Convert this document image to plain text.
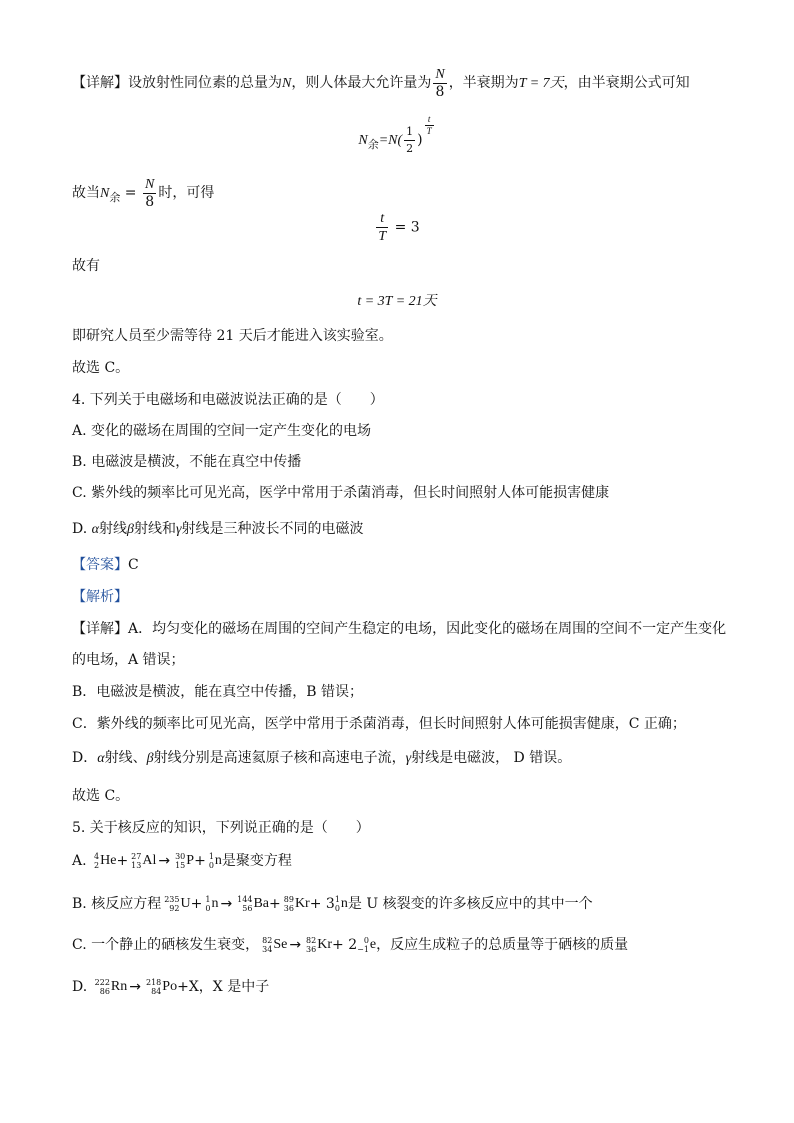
【详解】设放射性同位素的总量为N，则人体最大允许量为 $\frac{N}{8}$ ，半衰期为T = 7天，由半衰期公式可知
$N_余=N( \frac{1}{2}$ )
$^{\frac{t}{T}}$
故当$N_余 = \frac{N}{8}$ 时，可得
$\frac{t}{T} = 3$
故有
t = 3T = 21天
即研究人员至少需等待 21 天后才能进入该实验室。
故选 C。
4. 下列关于电磁场和电磁波说法正确的是（　　）
A. 变化的磁场在周围的空间一定产生变化的电场
B. 电磁波是横波，不能在真空中传播
C. 紫外线的频率比可见光高，医学中常用于杀菌消毒，但长时间照射人体可能损害健康
D. α射线β射线和γ射线是三种波长不同的电磁波
【答案】C
【解析】
【详解】A．均匀变化的磁场在周围的空间产生稳定的电场，因此变化的磁场在周围的空间不一定产生变化
的电场，A 错误；
B．电磁波是横波，能在真空中传播，B 错误；
C．紫外线的频率比可见光高，医学中常用于杀菌消毒，但长时间照射人体可能损害健康，C 正确；
D．α射线、β射线分别是高速氦原子核和高速电子流，γ射线是电磁波， D 错误。
故选 C。
5. 关于核反应的知识，下列说正确的是（　　）
A. 4
2 He+ 27
13 Al → 30
15 P+ 1
0 n是聚变方程
B. 核反应方程 235
92 U+ 1
0 n → 144
56 Ba+ 89
36 Kr+ 3 1
0 n是 U 核裂变的许多核反应中的其中一个
C. 一个静止的硒核发生衰变， 82
34 Se → 82
36 Kr+ 2 0
−1 e，反应生成粒子的总质量等于硒核的质量
D. 222
86 Rn → 218
84 Po+X，X 是中子
